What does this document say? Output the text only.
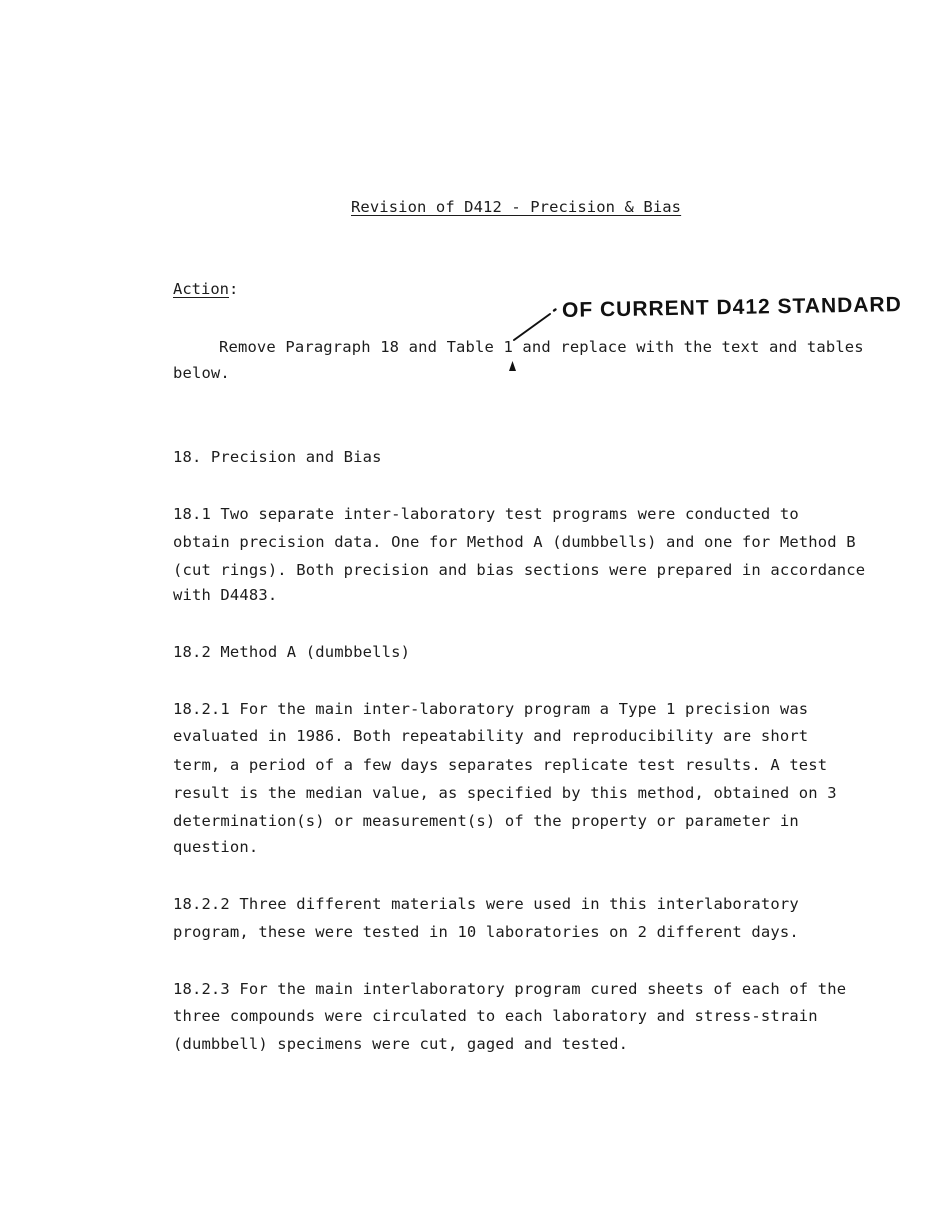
Revision of D412 - Precision & Bias
Action:
OF CURRENT D412 STANDARD
Remove Paragraph 18 and Table 1 and replace with the text and tables
below.
18. Precision and Bias
18.1 Two separate inter-laboratory test programs were conducted to
obtain precision data. One for Method A (dumbbells) and one for Method B
(cut rings). Both precision and bias sections were prepared in accordance
with D4483.
18.2 Method A (dumbbells)
18.2.1 For the main inter-laboratory program a Type 1 precision was
evaluated in 1986. Both repeatability and reproducibility are short
term, a period of a few days separates replicate test results. A test
result is the median value, as specified by this method, obtained on 3
determination(s) or measurement(s) of the property or parameter in
question.
18.2.2 Three different materials were used in this interlaboratory
program, these were tested in 10 laboratories on 2 different days.
18.2.3 For the main interlaboratory program cured sheets of each of the
three compounds were circulated to each laboratory and stress-strain
(dumbbell) specimens were cut, gaged and tested.
